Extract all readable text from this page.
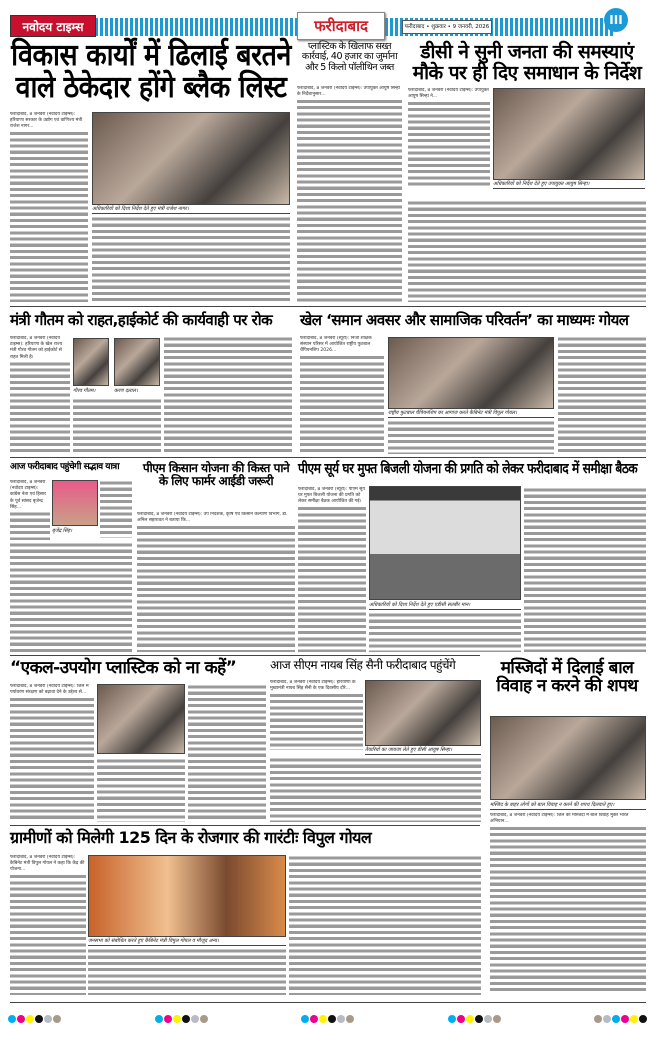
नवोदय टाइम्स	फरीदाबाद	फरीदाबाद • शुक्रवार • 9 जनवरी, 2026	III
विकास कार्यों में ढिलाई बरतने वाले ठेकेदार होंगे ब्लैक लिस्ट
फरीदाबाद, 8 जनवरी (नवोदय टाइम्स): हरियाणा सरकार के उद्योग एवं वाणिज्य मंत्री राजेश नागर...
अधिकारियों को दिशा निर्देश देते हुए मंत्री राजेश नागर।
प्लास्टिक के खिलाफ सख्त कार्रवाई, 40 हजार का जुर्माना और 5 किलो पॉलीथिन जब्त
फरीदाबाद, 8 जनवरी (नवोदय टाइम्स): उपायुक्त आयुष सिन्हा के निर्देशानुसार...
डीसी ने सुनी जनता की समस्याएं मौके पर ही दिए समाधान के निर्देश
फरीदाबाद, 8 जनवरी (नवोदय टाइम्स): उपायुक्त आयुष सिन्हा ने...
अधिकारियों को निर्देश देते हुए उपायुक्त आयुष सिन्हा।
मंत्री गौतम को राहत,हाईकोर्ट की कार्यवाही पर रोक
फरीदाबाद, 8 जनवरी (नवोदय टाइम्स): हरियाणा के खेल राज्य मंत्री गौरव गौतम को हाईकोर्ट से राहत मिली है।
गौरव गौतम।	करण दलाल।
खेल ‘समान अवसर और सामाजिक परिवर्तन’ का माध्यमः गोयल
फरीदाबाद, 8 जनवरी (ब्यूरो): निजी शैक्षिक संस्थान परिसर में आयोजित राष्ट्रीय फुटबाल चैंपियनशिप 2026...
राष्ट्रीय फुटबाल चैंपियनशिप का आगाज करते कैबिनेट मंत्री विपुल गोयल।
आज फरीदाबाद पहुंचेगी सद्भाव यात्रा
फरीदाबाद, 8 जनवरी (नवोदय टाइम्स): कांग्रेस नेता एवं हिसार के पूर्व सांसद बृजेन्द्र सिंह...
बृजेंद्र सिंह।
पीएम किसान योजना की किस्त पाने के लिए फार्मर आईडी जरूरी
फरीदाबाद, 8 जनवरी (नवोदय टाइम्स): उप निदेशक, कृषि एवं किसान कल्याण विभाग, डा. अनिल सहारावत ने बताया कि...
पीएम सूर्य घर मुफ्त बिजली योजना की प्रगति को लेकर फरीदाबाद में समीक्षा बैठक
फरीदाबाद, 8 जनवरी (ब्यूरो): पीएम सूर्य घर मुफ्त बिजली योजना की प्रगति को लेकर समीक्षा बैठक आयोजित की गई।
अधिकारियों को दिशा निर्देश देते हुए एडीसी सतबीर मान।
“एकल-उपयोग प्लास्टिक को ना कहें”
फरीदाबाद, 8 जनवरी (नवोदय टाइम्स): जिले में पर्यावरण संरक्षण को बढ़ावा देने के उद्देश्य से...
आज सीएम नायब सिंह सैनी फरीदाबाद पहुंचेंगे
फरीदाबाद, 8 जनवरी (नवोदय टाइम्स): हरियाणा के मुख्यमंत्री नायब सिंह सैनी के एक दिवसीय दौरे...
तैयारियों का जायजा लेते हुए डीसी आयुष सिन्हा।
मस्जिदों में दिलाई बाल विवाह न करने की शपथ
मस्जिद के बाहर लोगों को बाल विवाह न करने की शपथ दिलवाते हुए।
फरीदाबाद, 8 जनवरी (नवोदय टाइम्स): जिले की मस्जिदों में बाल विवाह मुक्त भारत अभियान...
ग्रामीणों को मिलेगी 125 दिन के रोजगार की गारंटीः विपुल गोयल
फरीदाबाद, 8 जनवरी (नवोदय टाइम्स): कैबिनेट मंत्री विपुल गोयल ने कहा कि केंद्र की योजना...
जनसभा को संबोधित करते हुए कैबिनेट मंत्री विपुल गोयल व मौजूद अन्य।
